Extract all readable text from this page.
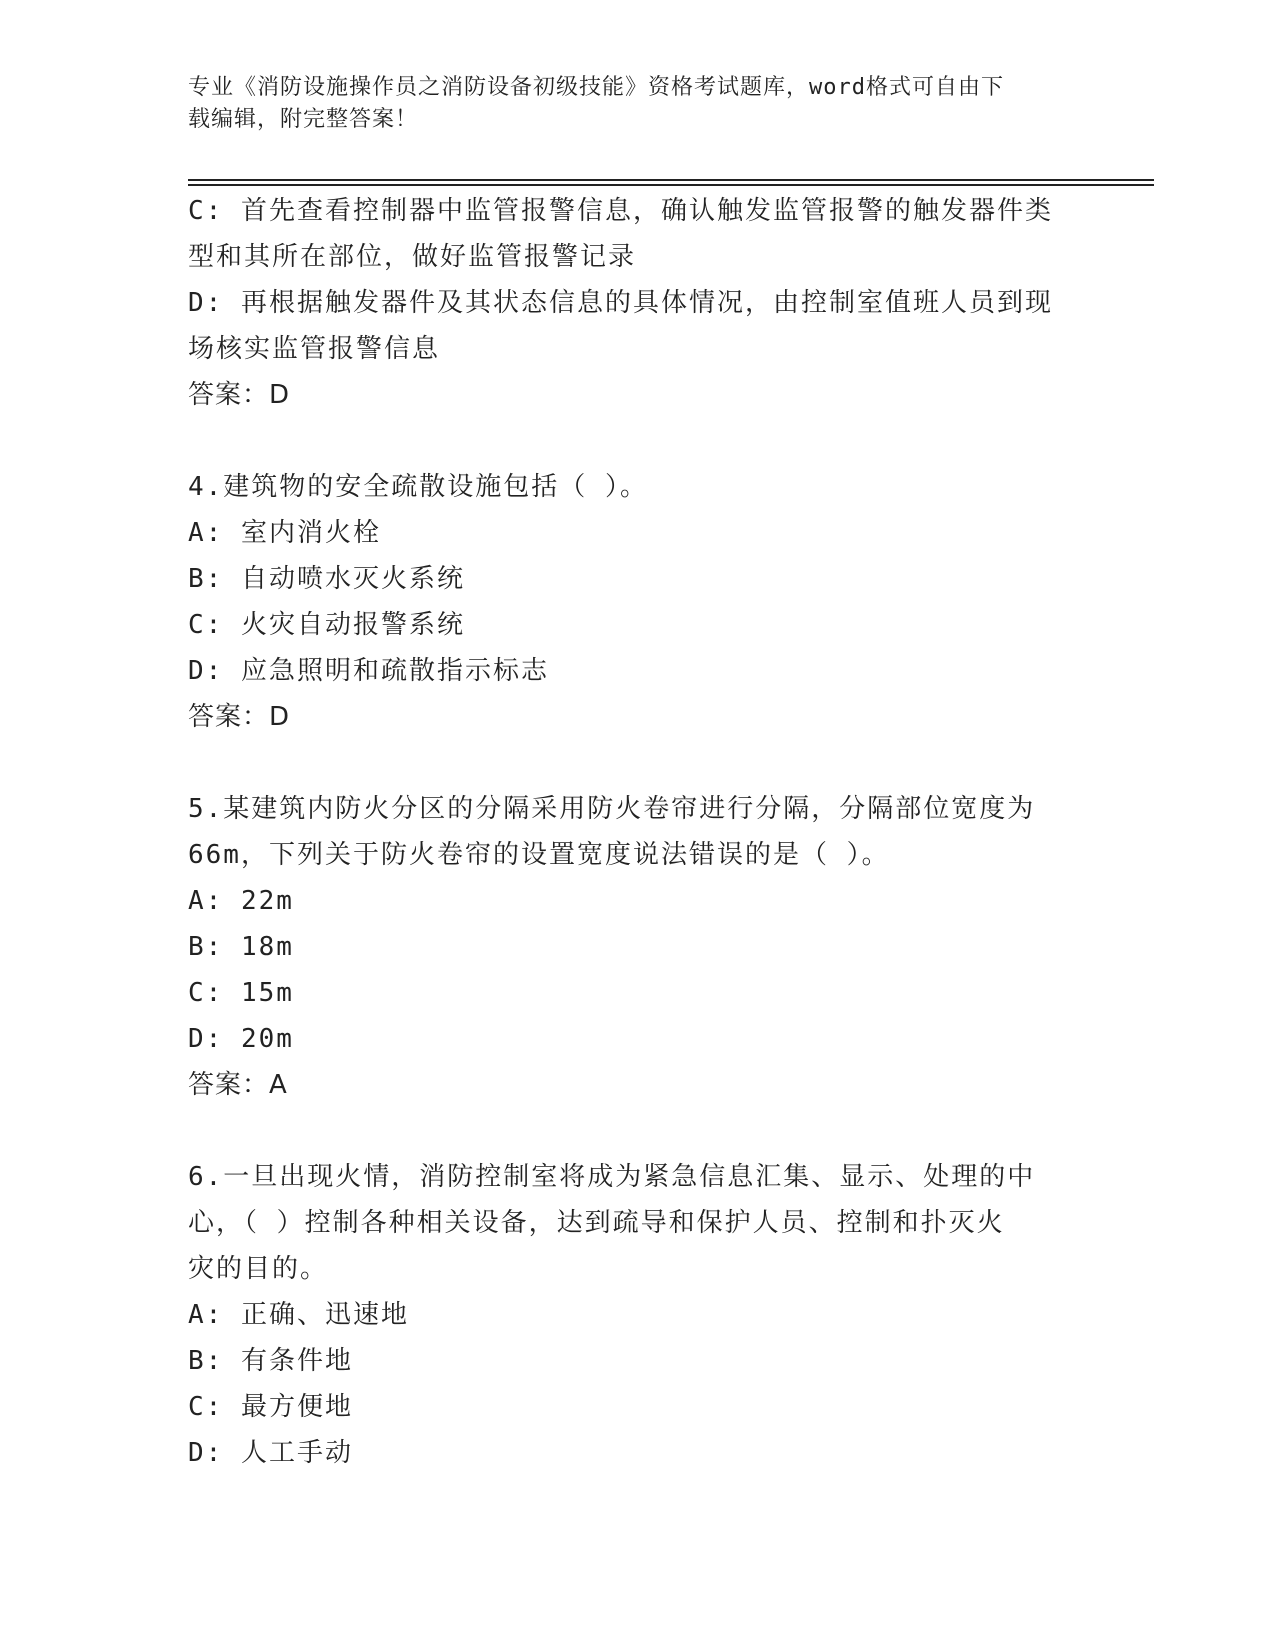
专业《消防设施操作员之消防设备初级技能》资格考试题库，word格式可自由下
载编辑，附完整答案！
C: 首先查看控制器中监管报警信息，确认触发监管报警的触发器件类
型和其所在部位，做好监管报警记录
D: 再根据触发器件及其状态信息的具体情况，由控制室值班人员到现
场核实监管报警信息
答案：D
4.建筑物的安全疏散设施包括（ ）。
A: 室内消火栓
B: 自动喷水灭火系统
C: 火灾自动报警系统
D: 应急照明和疏散指示标志
答案：D
5.某建筑内防火分区的分隔采用防火卷帘进行分隔，分隔部位宽度为
66m，下列关于防火卷帘的设置宽度说法错误的是（ ）。
A: 22m
B: 18m
C: 15m
D: 20m
答案：A
6.一旦出现火情，消防控制室将成为紧急信息汇集、显示、处理的中
心，（ ）控制各种相关设备，达到疏导和保护人员、控制和扑灭火
灾的目的。
A: 正确、迅速地
B: 有条件地
C: 最方便地
D: 人工手动
